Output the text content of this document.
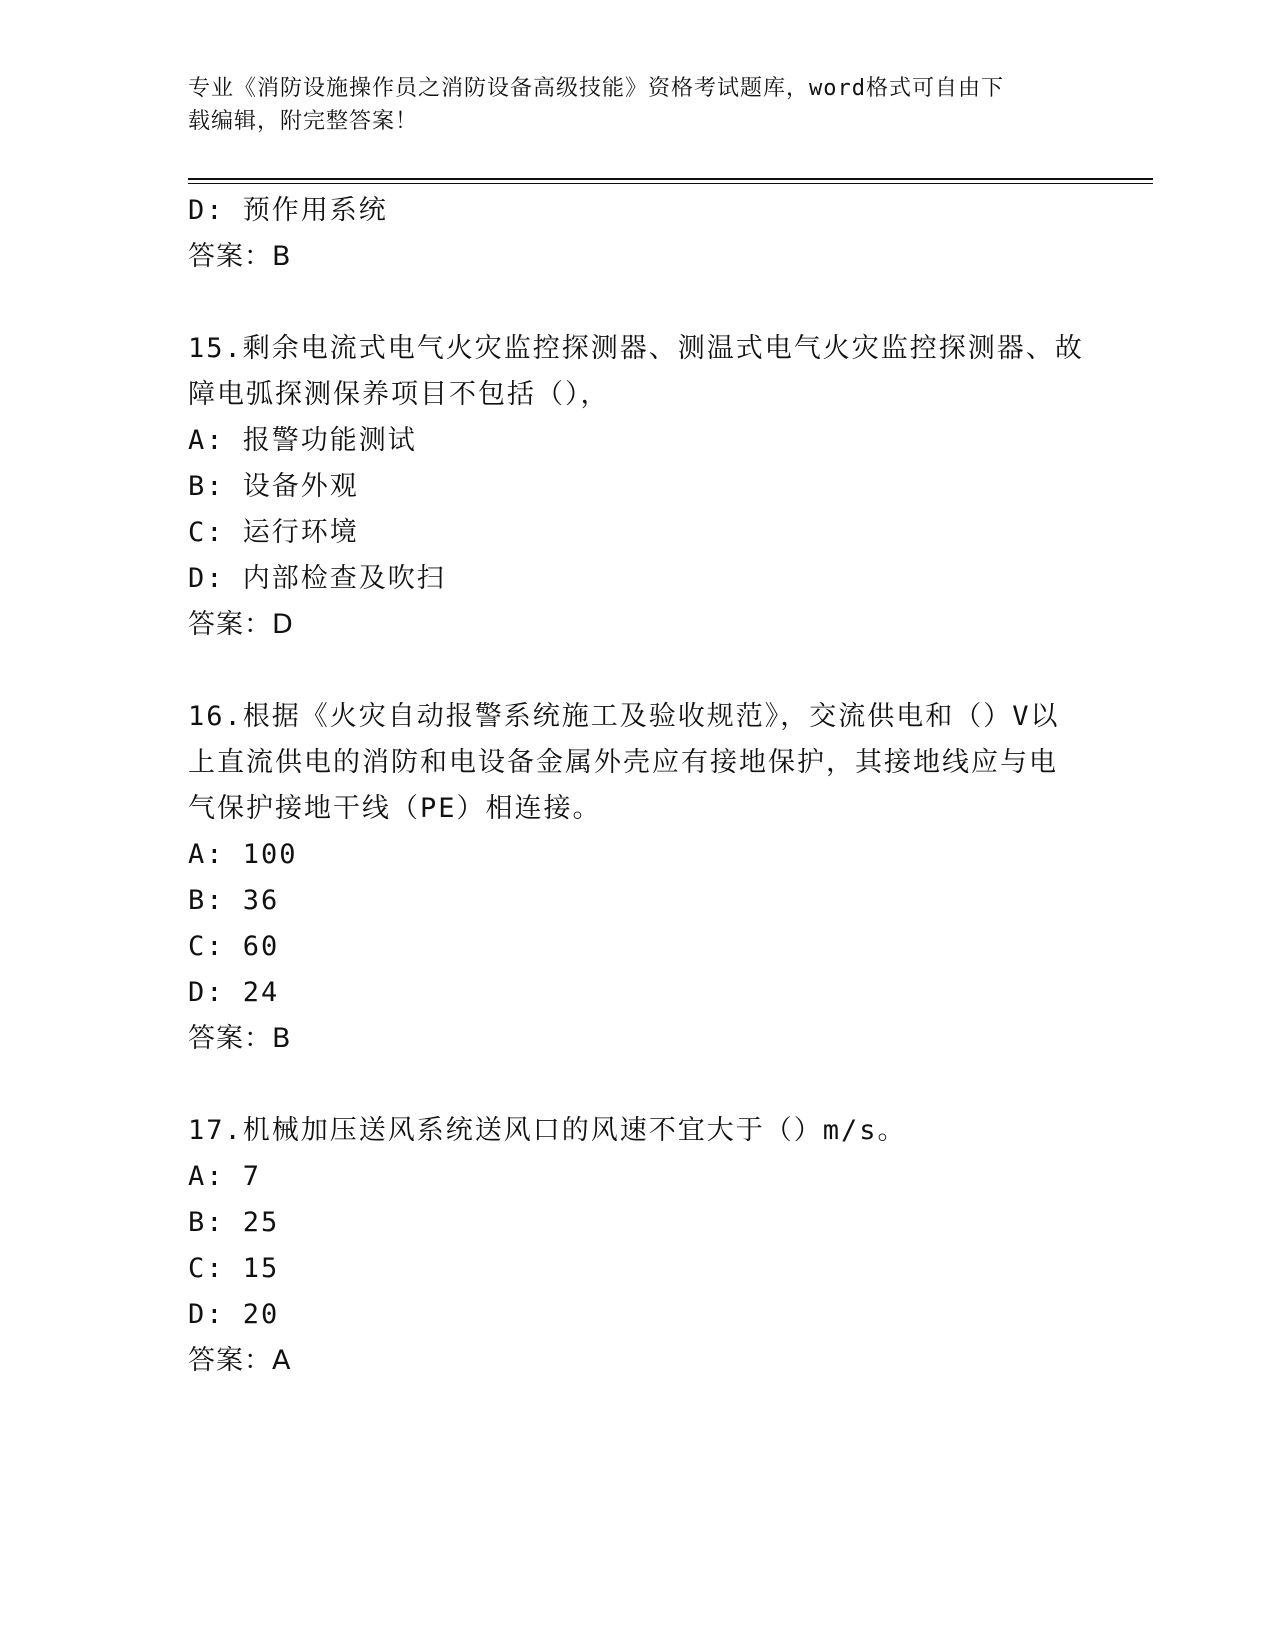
专业《消防设施操作员之消防设备高级技能》资格考试题库，word格式可自由下
载编辑，附完整答案！
D: 预作用系统
答案：B
15.剩余电流式电气火灾监控探测器、测温式电气火灾监控探测器、故
障电弧探测保养项目不包括（），
A: 报警功能测试
B: 设备外观
C: 运行环境
D: 内部检查及吹扫
答案：D
16.根据《火灾自动报警系统施工及验收规范》，交流供电和（）V以
上直流供电的消防和电设备金属外壳应有接地保护，其接地线应与电
气保护接地干线（PE）相连接。
A: 100
B: 36
C: 60
D: 24
答案：B
17.机械加压送风系统送风口的风速不宜大于（）m/s。
A: 7
B: 25
C: 15
D: 20
答案：A
